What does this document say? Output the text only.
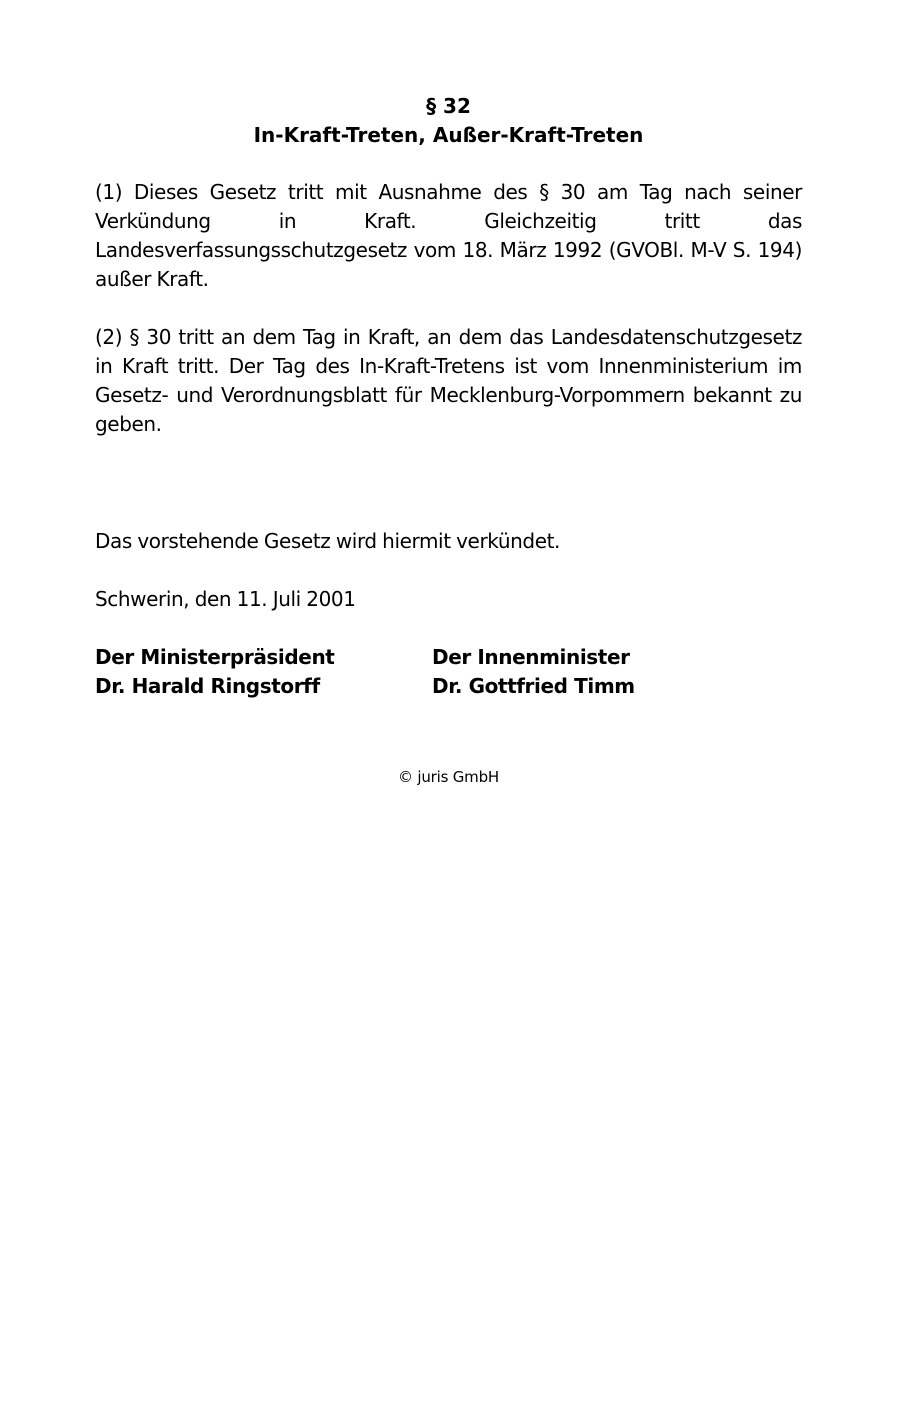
§ 32
In-Kraft-Treten, Außer-Kraft-Treten

(1) Dieses Gesetz tritt mit Ausnahme des § 30 am Tag nach seiner Verkündung in Kraft. Gleichzeitig tritt das Landesverfassungsschutzgesetz vom 18. März 1992 (GVOBl. M-V S. 194) außer Kraft.

(2) § 30 tritt an dem Tag in Kraft, an dem das Landesdatenschutzgesetz in Kraft tritt. Der Tag des In-Kraft-Tretens ist vom Innenministerium im Gesetz- und Verordnungsblatt für Mecklenburg-Vorpommern bekannt zu geben.

Das vorstehende Gesetz wird hiermit verkündet.
Schwerin, den 11. Juli 2001
Der Ministerpräsident
Dr. Harald Ringstorff
Der Innenminister
Dr. Gottfried Timm
© juris GmbH
